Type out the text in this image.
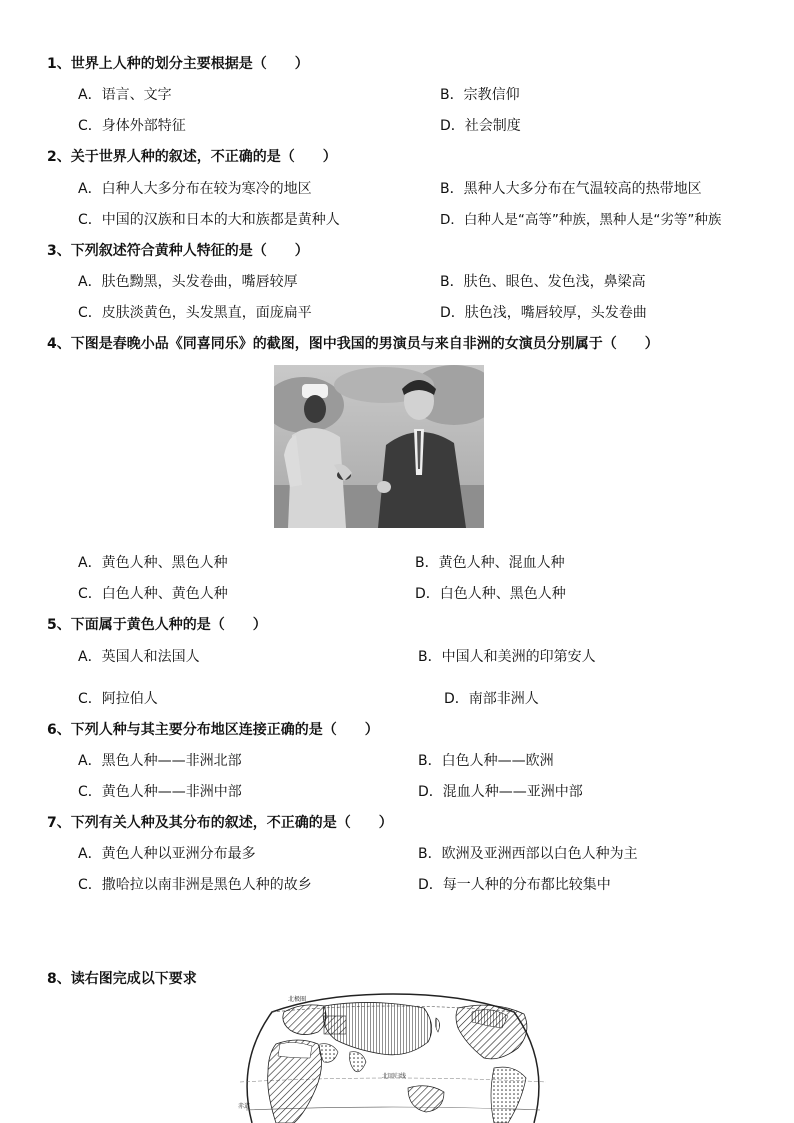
1、世界上人种的划分主要根据是（　　）
A．语言、文字	B．宗教信仰
C．身体外部特征	D．社会制度
2、关于世界人种的叙述，不正确的是（　　）
A．白种人大多分布在较为寒冷的地区	B．黑种人大多分布在气温较高的热带地区
C．中国的汉族和日本的大和族都是黄种人	D．白种人是“高等”种族，黑种人是“劣等”种族
3、下列叙述符合黄种人特征的是（　　）
A．肤色黝黑，头发卷曲，嘴唇较厚	B．肤色、眼色、发色浅，鼻梁高
C．皮肤淡黄色，头发黑直，面庞扁平	D．肤色浅，嘴唇较厚，头发卷曲
4、下图是春晚小品《同喜同乐》的截图，图中我国的男演员与来自非洲的女演员分别属于（　　）
A．黄色人种、黑色人种	B．黄色人种、混血人种
C．白色人种、黄色人种	D．白色人种、黑色人种
5、下面属于黄色人种的是（　　）
A．英国人和法国人	B．中国人和美洲的印第安人
C．阿拉伯人	D．南部非洲人
6、下列人种与其主要分布地区连接正确的是（　　）
A．黑色人种——非洲北部	B．白色人种——欧洲
C．黄色人种——非洲中部	D．混血人种——亚洲中部
7、下列有关人种及其分布的叙述，不正确的是（　　）
A．黄色人种以亚洲分布最多	B．欧洲及亚洲西部以白色人种为主
C．撒哈拉以南非洲是黑色人种的故乡	D．每一人种的分布都比较集中
8、读右图完成以下要求
北极圈
北回归线
赤道
